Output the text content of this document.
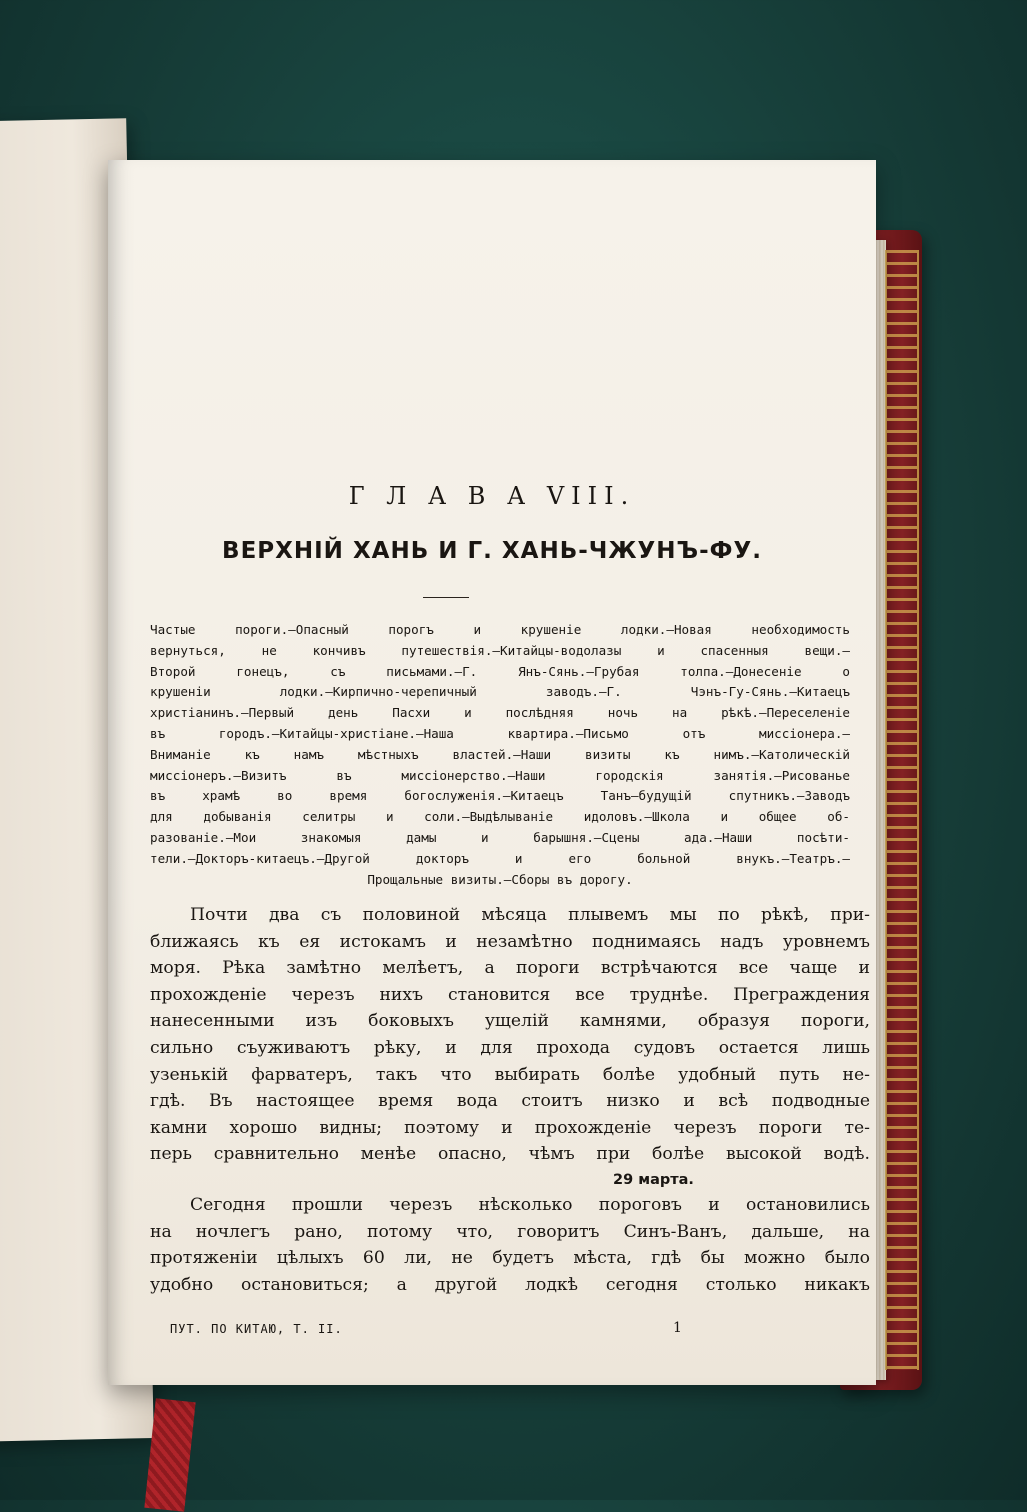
Г Л А В А VIII.
ВЕРХНІЙ ХАНЬ И Г. ХАНЬ-ЧЖУНЪ-ФУ.
Частые пороги.—Опасный порогъ и крушеніе лодки.—Новая необходимость
вернуться, не кончивъ путешествія.—Китайцы-водолазы и спасенныя вещи.—
Второй гонецъ, съ письмами.—Г. Янъ-Сянь.—Грубая толпа.—Донесеніе о
крушеніи лодки.—Кирпично-черепичный заводъ.—Г. Чэнъ-Гу-Сянь.—Китаецъ
христіанинъ.—Первый день Пасхи и послѣдняя ночь на рѣкѣ.—Переселеніе
въ городъ.—Китайцы-христіане.—Наша квартира.—Письмо отъ миссіонера.—
Вниманіе къ намъ мѣстныхъ властей.—Наши визиты къ нимъ.—Католическій
миссіонеръ.—Визитъ въ миссіонерство.—Наши городскія занятія.—Рисованье
въ храмѣ во время богослуженія.—Китаецъ Танъ—будущій спутникъ.—Заводъ
для добыванія селитры и соли.—Выдѣлываніе идоловъ.—Школа и общее об-
разованіе.—Мои знакомыя дамы и барышня.—Сцены ада.—Наши посѣти-
тели.—Докторъ-китаецъ.—Другой докторъ и его больной внукъ.—Театръ.—
Прощальные визиты.—Сборы въ дорогу.
Почти два съ половиной мѣсяца плывемъ мы по рѣкѣ, при-
ближаясь къ ея истокамъ и незамѣтно поднимаясь надъ уровнемъ
моря. Рѣка замѣтно мелѣетъ, а пороги встрѣчаются все чаще и
прохожденіе черезъ нихъ становится все труднѣе. Преграждения
нанесенными изъ боковыхъ ущелій камнями, образуя пороги,
сильно съуживаютъ рѣку, и для прохода судовъ остается лишь
узенькій фарватеръ, такъ что выбирать болѣе удобный путь не-
гдѣ. Въ настоящее время вода стоитъ низко и всѣ подводные
камни хорошо видны; поэтому и прохожденіе черезъ пороги те-
перь сравнительно менѣе опасно, чѣмъ при болѣе высокой водѣ.
29 марта.
Сегодня прошли черезъ нѣсколько пороговъ и остановились
на ночлегъ рано, потому что, говоритъ Синъ-Ванъ, дальше, на
протяженіи цѣлыхъ 60 ли, не будетъ мѣста, гдѣ бы можно было
удобно остановиться; а другой лодкѣ сегодня столько никакъ
ПУТ. ПО КИТАЮ, Т. II.	1
